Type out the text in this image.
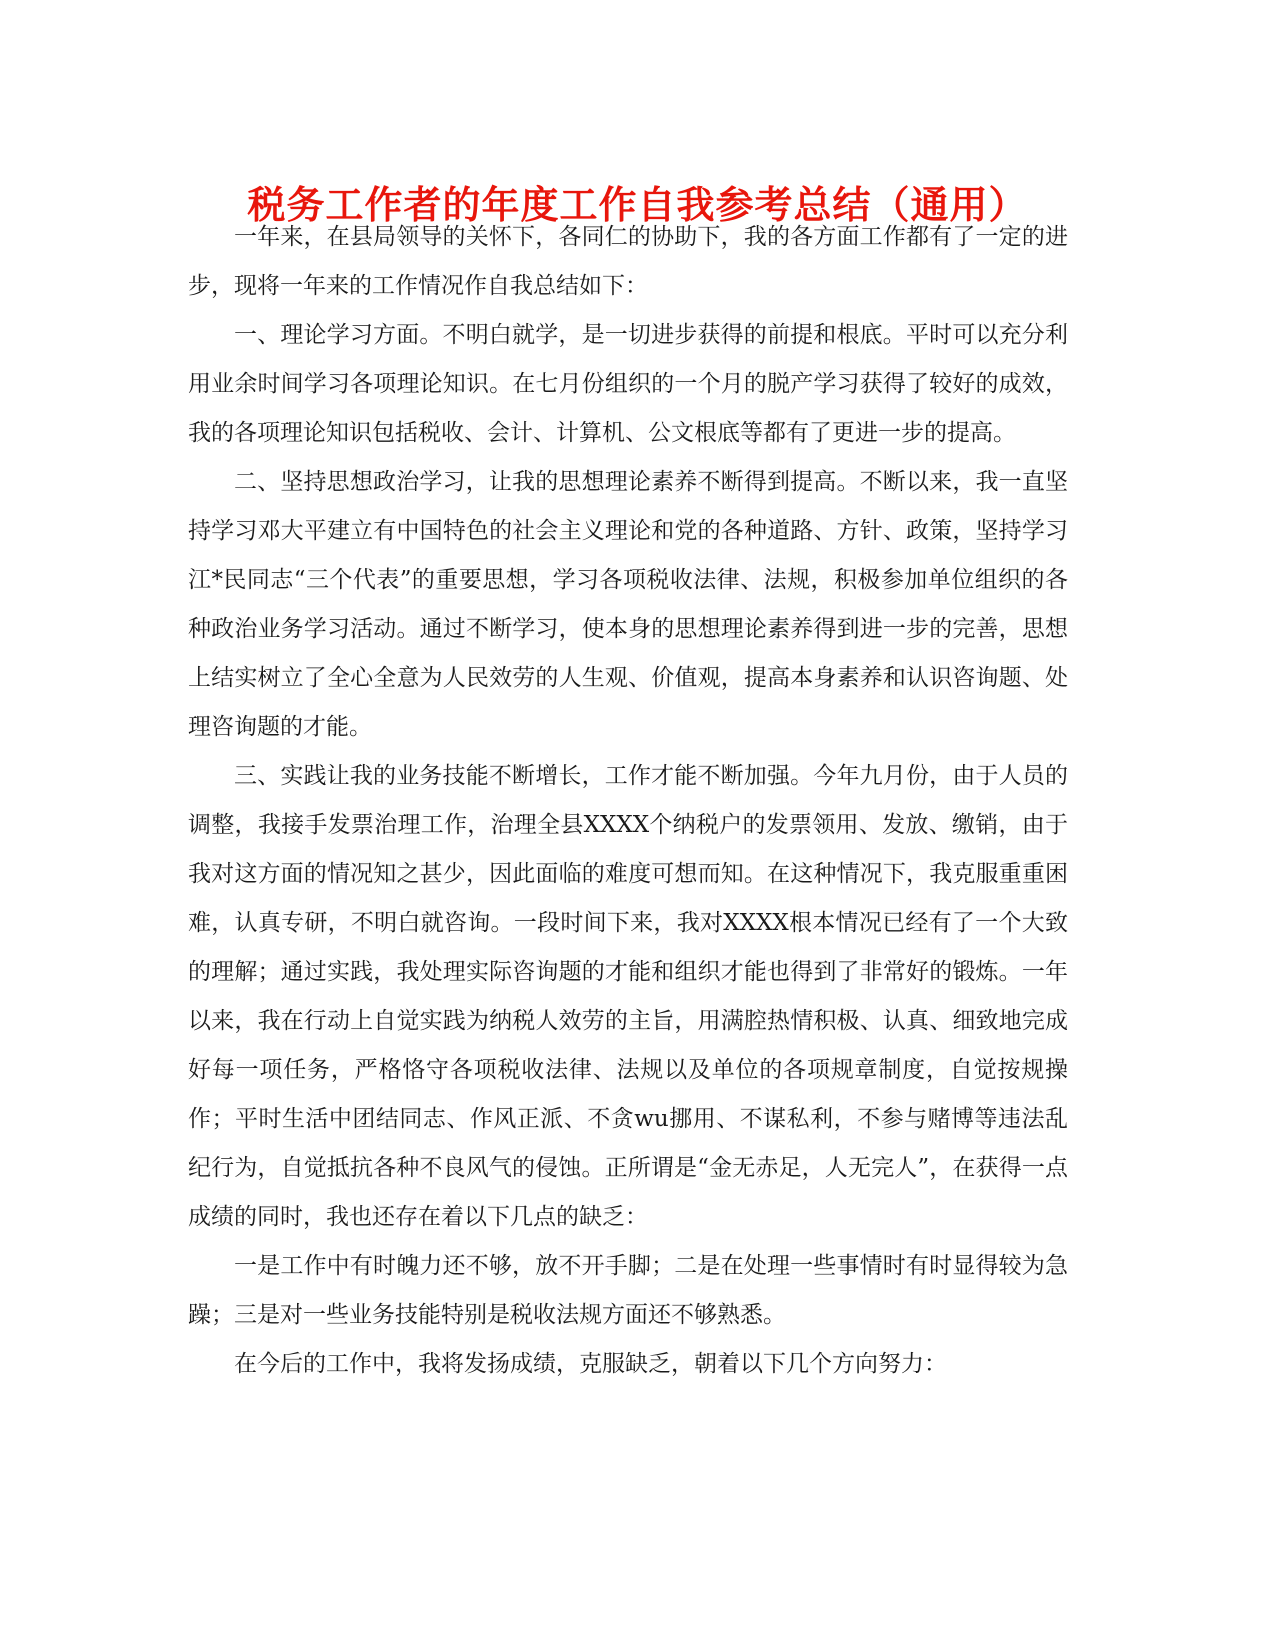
税务工作者的年度工作自我参考总结（通用）

一年来，在县局领导的关怀下，各同仁的协助下，我的各方面工作都有了一定的进步，现将一年来的工作情况作自我总结如下：

一、理论学习方面。不明白就学，是一切进步获得的前提和根底。平时可以充分利用业余时间学习各项理论知识。在七月份组织的一个月的脱产学习获得了较好的成效，我的各项理论知识包括税收、会计、计算机、公文根底等都有了更进一步的提高。

二、坚持思想政治学习，让我的思想理论素养不断得到提高。不断以来，我一直坚持学习邓大平建立有中国特色的社会主义理论和党的各种道路、方针、政策，坚持学习江*民同志“三个代表”的重要思想，学习各项税收法律、法规，积极参加单位组织的各种政治业务学习活动。通过不断学习，使本身的思想理论素养得到进一步的完善，思想上结实树立了全心全意为人民效劳的人生观、价值观，提高本身素养和认识咨询题、处理咨询题的才能。

三、实践让我的业务技能不断增长，工作才能不断加强。今年九月份，由于人员的调整，我接手发票治理工作，治理全县XXXX个纳税户的发票领用、发放、缴销，由于我对这方面的情况知之甚少，因此面临的难度可想而知。在这种情况下，我克服重重困难，认真专研，不明白就咨询。一段时间下来，我对XXXX根本情况已经有了一个大致的理解；通过实践，我处理实际咨询题的才能和组织才能也得到了非常好的锻炼。一年以来，我在行动上自觉实践为纳税人效劳的主旨，用满腔热情积极、认真、细致地完成好每一项任务，严格恪守各项税收法律、法规以及单位的各项规章制度，自觉按规操作；平时生活中团结同志、作风正派、不贪wu挪用、不谋私利，不参与赌博等违法乱纪行为，自觉抵抗各种不良风气的侵蚀。正所谓是“金无赤足，人无完人”，在获得一点成绩的同时，我也还存在着以下几点的缺乏：

一是工作中有时魄力还不够，放不开手脚；二是在处理一些事情时有时显得较为急躁；三是对一些业务技能特别是税收法规方面还不够熟悉。

在今后的工作中，我将发扬成绩，克服缺乏，朝着以下几个方向努力：
